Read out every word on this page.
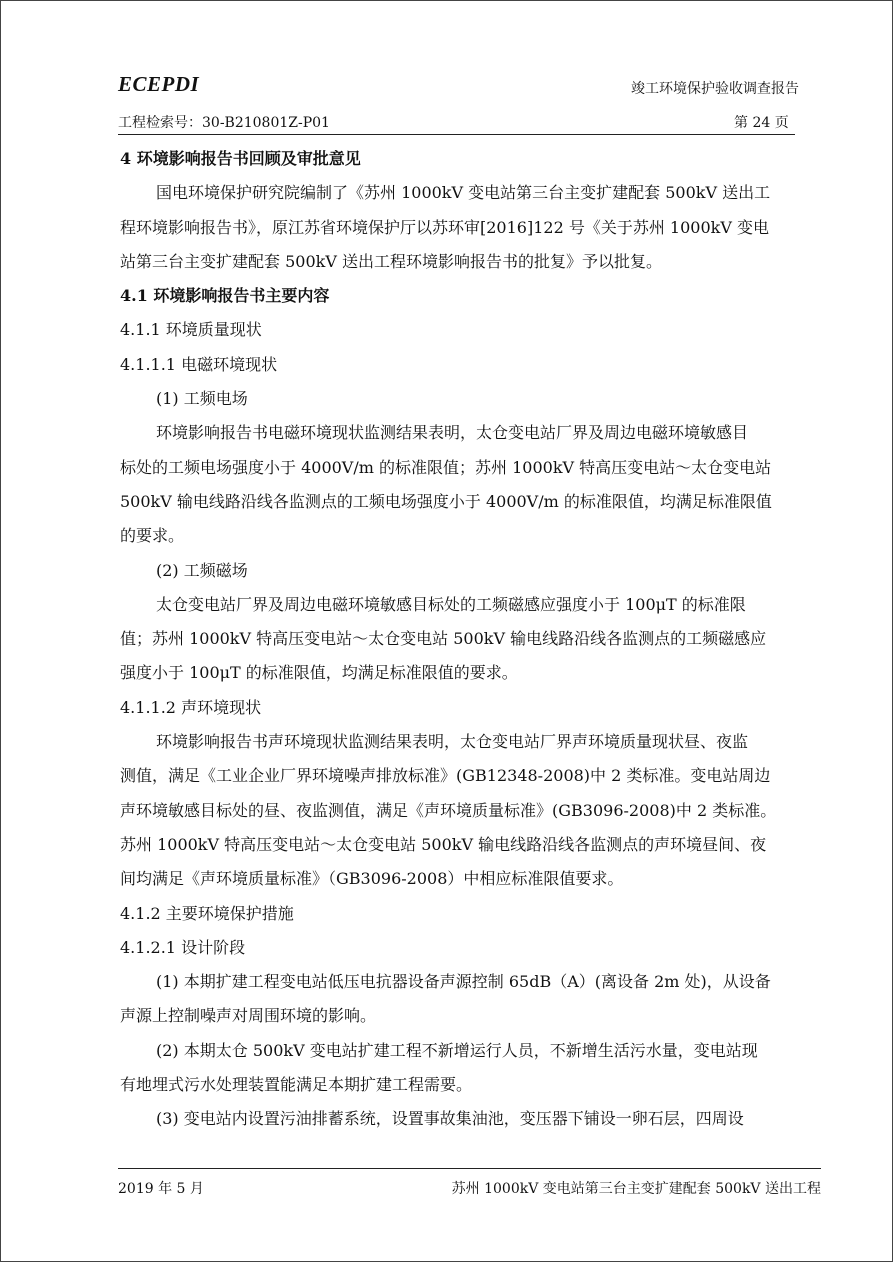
ECEPDI	竣工环境保护验收调查报告
工程检索号：30-B210801Z-P01	第 24 页
4 环境影响报告书回顾及审批意见
国电环境保护研究院编制了《苏州 1000kV 变电站第三台主变扩建配套 500kV 送出工
程环境影响报告书》，原江苏省环境保护厅以苏环审[2016]122 号《关于苏州 1000kV 变电
站第三台主变扩建配套 500kV 送出工程环境影响报告书的批复》予以批复。
4.1 环境影响报告书主要内容
4.1.1 环境质量现状
4.1.1.1 电磁环境现状
(1) 工频电场
环境影响报告书电磁环境现状监测结果表明，太仓变电站厂界及周边电磁环境敏感目
标处的工频电场强度小于 4000V/m 的标准限值；苏州 1000kV 特高压变电站～太仓变电站
500kV 输电线路沿线各监测点的工频电场强度小于 4000V/m 的标准限值，均满足标准限值
的要求。
(2) 工频磁场
太仓变电站厂界及周边电磁环境敏感目标处的工频磁感应强度小于 100μT 的标准限
值；苏州 1000kV 特高压变电站～太仓变电站 500kV 输电线路沿线各监测点的工频磁感应
强度小于 100μT 的标准限值，均满足标准限值的要求。
4.1.1.2 声环境现状
环境影响报告书声环境现状监测结果表明，太仓变电站厂界声环境质量现状昼、夜监
测值，满足《工业企业厂界环境噪声排放标准》(GB12348-2008)中 2 类标准。变电站周边
声环境敏感目标处的昼、夜监测值，满足《声环境质量标准》(GB3096-2008)中 2 类标准。
苏州 1000kV 特高压变电站～太仓变电站 500kV 输电线路沿线各监测点的声环境昼间、夜
间均满足《声环境质量标准》（GB3096-2008）中相应标准限值要求。
4.1.2 主要环境保护措施
4.1.2.1 设计阶段
(1) 本期扩建工程变电站低压电抗器设备声源控制 65dB（A）(离设备 2m 处)，从设备
声源上控制噪声对周围环境的影响。
(2) 本期太仓 500kV 变电站扩建工程不新增运行人员，不新增生活污水量，变电站现
有地埋式污水处理装置能满足本期扩建工程需要。
(3) 变电站内设置污油排蓄系统，设置事故集油池，变压器下铺设一卵石层，四周设
2019 年 5 月	苏州 1000kV 变电站第三台主变扩建配套 500kV 送出工程
